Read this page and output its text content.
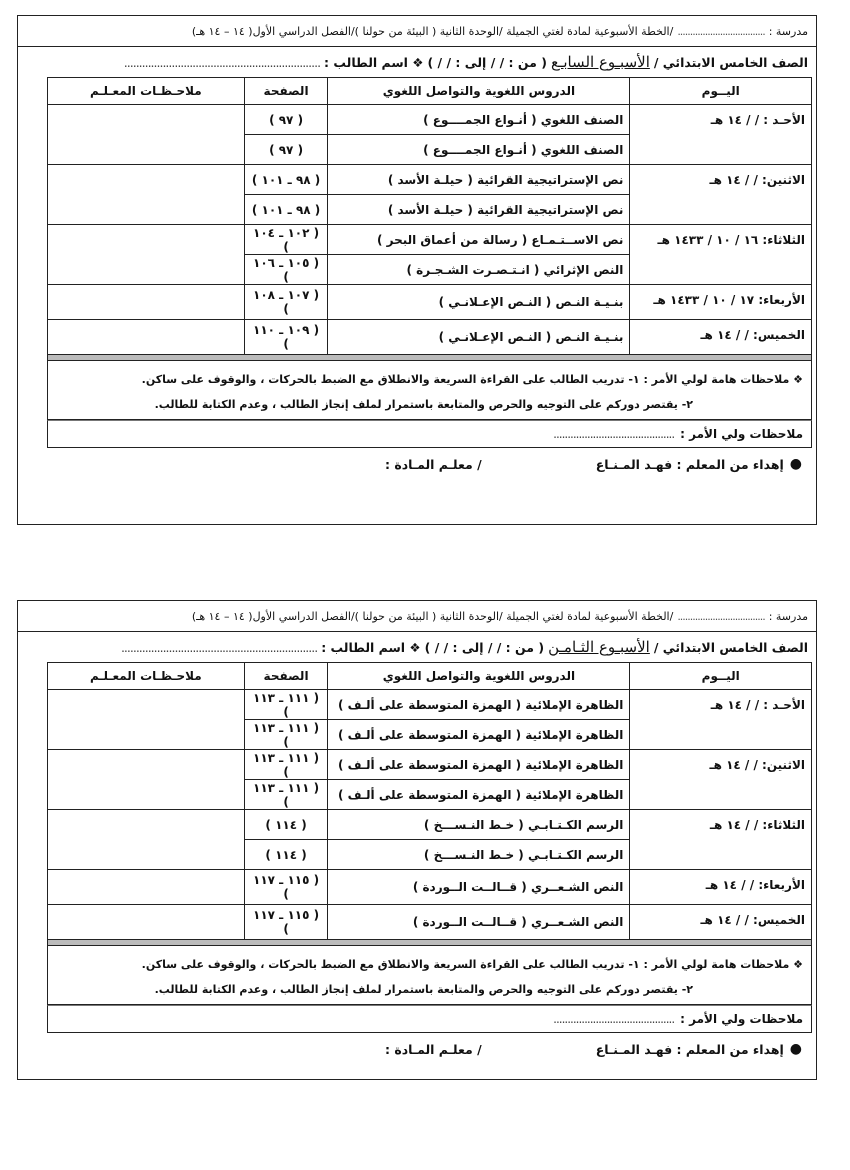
مدرسة :
...................................
/الخطة الأسبوعية لمادة لغتي الجميلة /الوحدة الثانية ( البيئة من حولنا )/الفصل الدراسي الأول( ١٤ – ١٤ هـ)
الصف الخامس الابتدائي /
الأسبـوع السابـع
( من : / / إلى : / / )
❖ اسم الطالب :
..................................................................
اليــوم	الدروس اللغوية والتواصل اللغوي	الصفحة	ملاحـظـات المعـلـم
الأحـد : / / ١٤ هـ	الصنف اللغوي ( أنـواع الجمــــوع )	( ٩٧ )	
	الصنف اللغوي ( أنـواع الجمــــوع )	( ٩٧ )	
الاثنين: / / ١٤ هـ	نص الإستراتيجية القرائية ( حيلـة الأسد )	( ٩٨ ـ ١٠١ )	
	نص الإستراتيجية القرائية ( حيلـة الأسد )	( ٩٨ ـ ١٠١ )	
الثلاثاء: ١٦ / ١٠ / ١٤٣٣ هـ	نص الاســتـمـاع ( رسالة من أعماق البحر )	( ١٠٢ ـ ١٠٤ )	
	النص الإثرائي ( انـتـصـرت الشـجـرة )	( ١٠٥ ـ ١٠٦ )	
الأربعاء: ١٧ / ١٠ / ١٤٣٣ هـ	بنـيـة النـص ( النـص الإعـلانـي )	( ١٠٧ ـ ١٠٨ )	
الخميس: / / ١٤ هـ	بنـيـة النـص ( النـص الإعـلانـي )	( ١٠٩ ـ ١١٠ )	

❖ ملاحظات هامة لولي الأمر : ١- تدريب الطالب على القراءة السريعة والانطلاق مع الضبط بالحركات ، والوقوف على ساكن.
٢- يقتصر دوركم على التوجيه والحرص والمتابعة باستمرار لملف إنجاز الطالب ، وعدم الكتابة للطالب.
ملاحظات ولي الأمر :
...........................................
●
إهداء من المعلم : فهـد المـنـاع
/ معلـم المـادة :
مدرسة :
...................................
/الخطة الأسبوعية لمادة لغتي الجميلة /الوحدة الثانية ( البيئة من حولنا )/الفصل الدراسي الأول( ١٤ – ١٤ هـ)
الصف الخامس الابتدائي /
الأسبـوع الثـامـن
( من : / / إلى : / / )
❖ اسم الطالب :
..................................................................
اليــوم	الدروس اللغوية والتواصل اللغوي	الصفحة	ملاحـظـات المعـلـم
الأحـد : / / ١٤ هـ	الظاهرة الإملائية ( الهمزة المتوسطة على ألـف )	( ١١١ ـ ١١٣ )	
	الظاهرة الإملائية ( الهمزة المتوسطة على ألـف )	( ١١١ ـ ١١٣ )	
الاثنين: / / ١٤ هـ	الظاهرة الإملائية ( الهمزة المتوسطة على ألـف )	( ١١١ ـ ١١٣ )	
	الظاهرة الإملائية ( الهمزة المتوسطة على ألـف )	( ١١١ ـ ١١٣ )	
الثلاثاء: / / ١٤ هـ	الرسم الكـتـابـي ( خـط النـســـخ )	( ١١٤ )	
	الرسم الكـتـابـي ( خـط النـســـخ )	( ١١٤ )	
الأربعاء: / / ١٤ هـ	النص الشـعــري ( قــالــت الــوردة )	( ١١٥ ـ ١١٧ )	
الخميس: / / ١٤ هـ	النص الشـعــري ( قــالــت الــوردة )	( ١١٥ ـ ١١٧ )	

❖ ملاحظات هامة لولي الأمر : ١- تدريب الطالب على القراءة السريعة والانطلاق مع الضبط بالحركات ، والوقوف على ساكن.
٢- يقتصر دوركم على التوجيه والحرص والمتابعة باستمرار لملف إنجاز الطالب ، وعدم الكتابة للطالب.
ملاحظات ولي الأمر :
...........................................
●
إهداء من المعلم : فهـد المـنـاع
/ معلـم المـادة :
